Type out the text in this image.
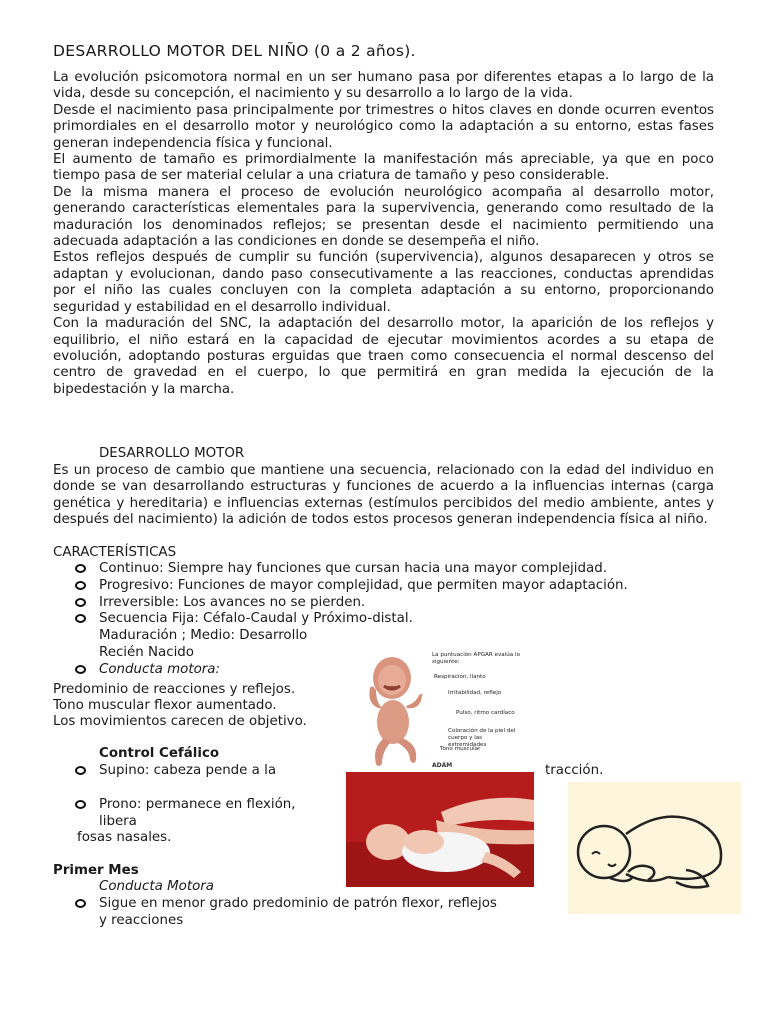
DESARROLLO MOTOR DEL NIÑO (0 a 2 años).
La evolución psicomotora normal en un ser humano pasa por diferentes etapas a lo largo de la vida, desde su concepción, el nacimiento y su desarrollo a lo largo de la vida.
Desde el nacimiento pasa principalmente por trimestres o hitos claves en donde ocurren eventos primordiales en el desarrollo motor y neurológico como la adaptación a su entorno, estas fases generan independencia física y funcional.
El aumento de tamaño es primordialmente la manifestación más apreciable, ya que en poco tiempo pasa de ser material celular a una criatura de tamaño y peso considerable.
De la misma manera el proceso de evolución neurológico acompaña al desarrollo motor, generando características elementales para la supervivencia, generando como resultado de la maduración los denominados reflejos; se presentan desde el nacimiento permitiendo una adecuada adaptación a las condiciones en donde se desempeña el niño.
Estos reflejos después de cumplir su función (supervivencia), algunos desaparecen y otros se adaptan y evolucionan, dando paso consecutivamente a las reacciones, conductas aprendidas por el niño las cuales concluyen con la completa adaptación a su entorno, proporcionando seguridad y estabilidad en el desarrollo individual.
Con la maduración del SNC, la adaptación del desarrollo motor, la aparición de los reflejos y equilibrio, el niño estará en la capacidad de ejecutar movimientos acordes a su etapa de evolución, adoptando posturas erguidas que traen como consecuencia el normal descenso del centro de gravedad en el cuerpo, lo que permitirá en gran medida la ejecución de la bipedestación y la marcha.
DESARROLLO MOTOR
Es un proceso de cambio que mantiene una secuencia, relacionado con la edad del individuo en donde se van desarrollando estructuras y funciones de acuerdo a la influencias internas (carga genética y hereditaria) e influencias externas (estímulos percibidos del medio ambiente, antes y después del nacimiento) la adición de todos estos procesos generan independencia física al niño.
CARACTERÍSTICAS
Continuo: Siempre hay funciones que cursan hacia una mayor complejidad.
Progresivo: Funciones de mayor complejidad, que permiten mayor adaptación.
Irreversible: Los avances no se pierden.
Secuencia Fija: Céfalo-Caudal y Próximo-distal.
Maduración ; Medio: Desarrollo
Recién Nacido
Conducta motora:
Predominio de reacciones y reflejos.
Tono muscular flexor aumentado.
Los movimientos carecen de objetivo.
Control Cefálico
Supino: cabeza pende a la	tracción.
Prono: permanece en flexión,
libera
fosas nasales.
Primer Mes
Conducta Motora
Sigue en menor grado predominio de patrón flexor, reflejos
y reacciones
La puntuación APGAR evalúa lo siguiente:
Respiración, llanto
Irritabilidad, reflejo
Pulso, ritmo cardíaco
Coloración de la piel del cuerpo y las extremidades
Tono muscular
ADAM
